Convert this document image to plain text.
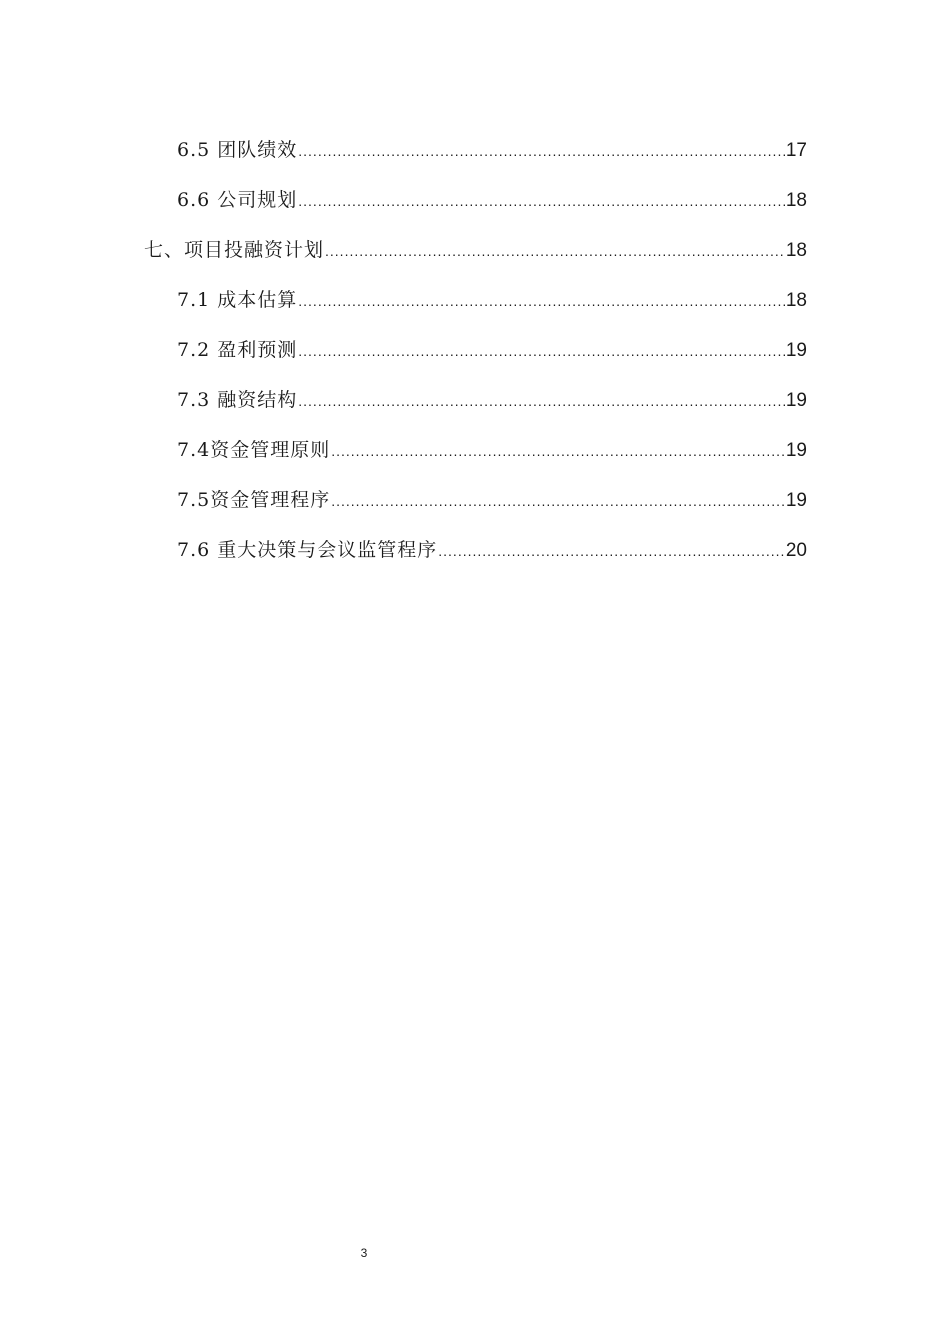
6.5 团队绩效 .....	17
6.6 公司规划 .....	18
七、项目投融资计划 .....	18
7.1 成本估算 .....	18
7.2 盈利预测 .....	19
7.3 融资结构 .....	19
7.4资金管理原则 .....	19
7.5资金管理程序 .....	19
7.6 重大决策与会议监管程序 .....	20
3
